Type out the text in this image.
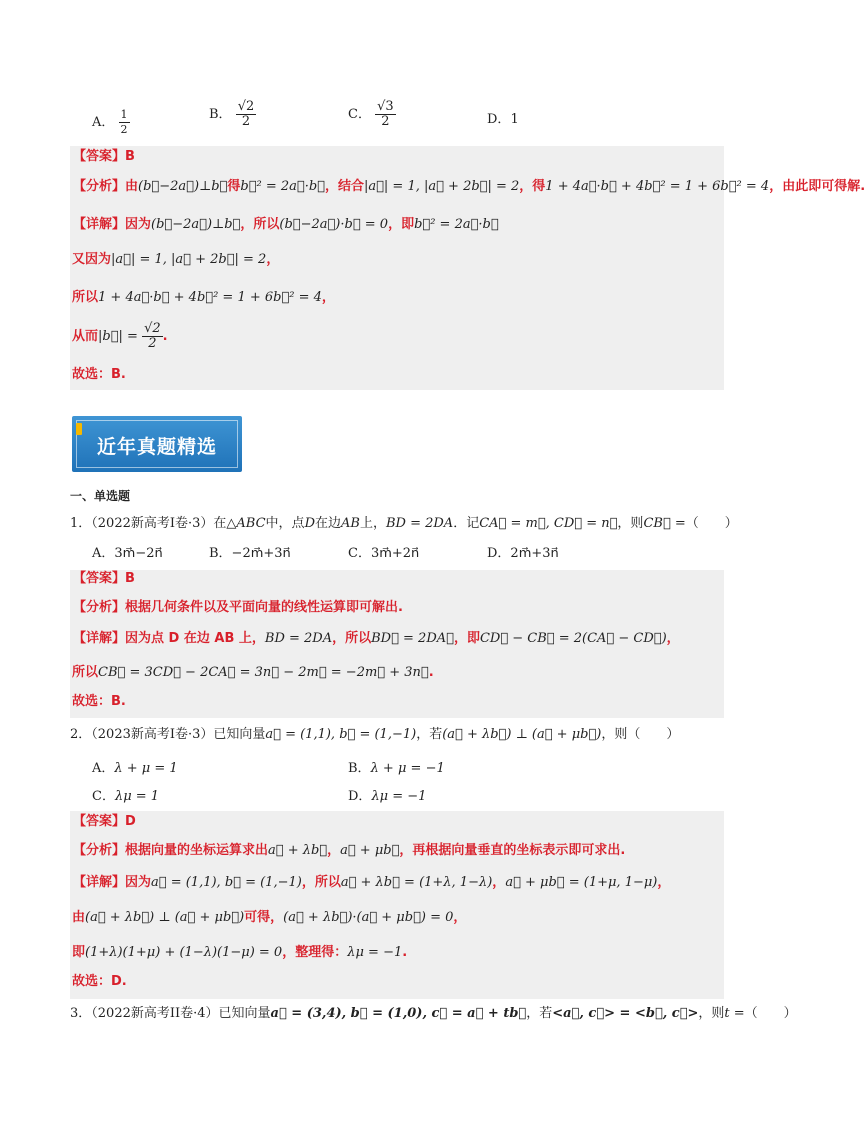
A． $\frac{1}{2}$	B． $\frac{√2}{2}$	C． $\frac{√3}{2}$	D．1
【答案】B
【分析】由(b⃗−2a⃗)⊥b⃗得b⃗² = 2a⃗·b⃗，结合|a⃗| = 1, |a⃗ + 2b⃗| = 2，得1 + 4a⃗·b⃗ + 4b⃗² = 1 + 6b⃗² = 4，由此即可得解.
【详解】因为(b⃗−2a⃗)⊥b⃗，所以(b⃗−2a⃗)·b⃗ = 0，即b⃗² = 2a⃗·b⃗
又因为|a⃗| = 1, |a⃗ + 2b⃗| = 2，
所以1 + 4a⃗·b⃗ + 4b⃗² = 1 + 6b⃗² = 4，
从而|b⃗| = $\frac{√2}{2}$ .
故选：B.
近年真题精选
一、单选题
1．（2022新高考I卷·3）在△ABC中，点D在边AB上，BD = 2DA．记CA⃗ = m⃗, CD⃗ = n⃗，则CB⃗ =（　　）
A．3m⃗−2n⃗	B．−2m⃗+3n⃗	C．3m⃗+2n⃗	D．2m⃗+3n⃗
【答案】B
【分析】根据几何条件以及平面向量的线性运算即可解出.
【详解】因为点 D 在边 AB 上，BD = 2DA，所以BD⃗ = 2DA⃗，即CD⃗ − CB⃗ = 2(CA⃗ − CD⃗)，
所以CB⃗ = 3CD⃗ − 2CA⃗ = 3n⃗ − 2m⃗ = −2m⃗ + 3n⃗.
故选：B.
2．（2023新高考I卷·3）已知向量a⃗ = (1,1), b⃗ = (1,−1)，若(a⃗ + λb⃗) ⊥ (a⃗ + μb⃗)，则（　　）
A．λ + μ = 1	B．λ + μ = −1
C．λμ = 1	D．λμ = −1
【答案】D
【分析】根据向量的坐标运算求出a⃗ + λb⃗，a⃗ + μb⃗，再根据向量垂直的坐标表示即可求出.
【详解】因为a⃗ = (1,1), b⃗ = (1,−1)，所以a⃗ + λb⃗ = (1+λ, 1−λ)，a⃗ + μb⃗ = (1+μ, 1−μ)，
由(a⃗ + λb⃗) ⊥ (a⃗ + μb⃗)可得，(a⃗ + λb⃗)·(a⃗ + μb⃗) = 0，
即(1+λ)(1+μ) + (1−λ)(1−μ) = 0，整理得：λμ = −1.
故选：D.
3．（2022新高考II卷·4）已知向量a⃗ = (3,4), b⃗ = (1,0), c⃗ = a⃗ + tb⃗，若<a⃗, c⃗> = <b⃗, c⃗>，则t =（　　）
